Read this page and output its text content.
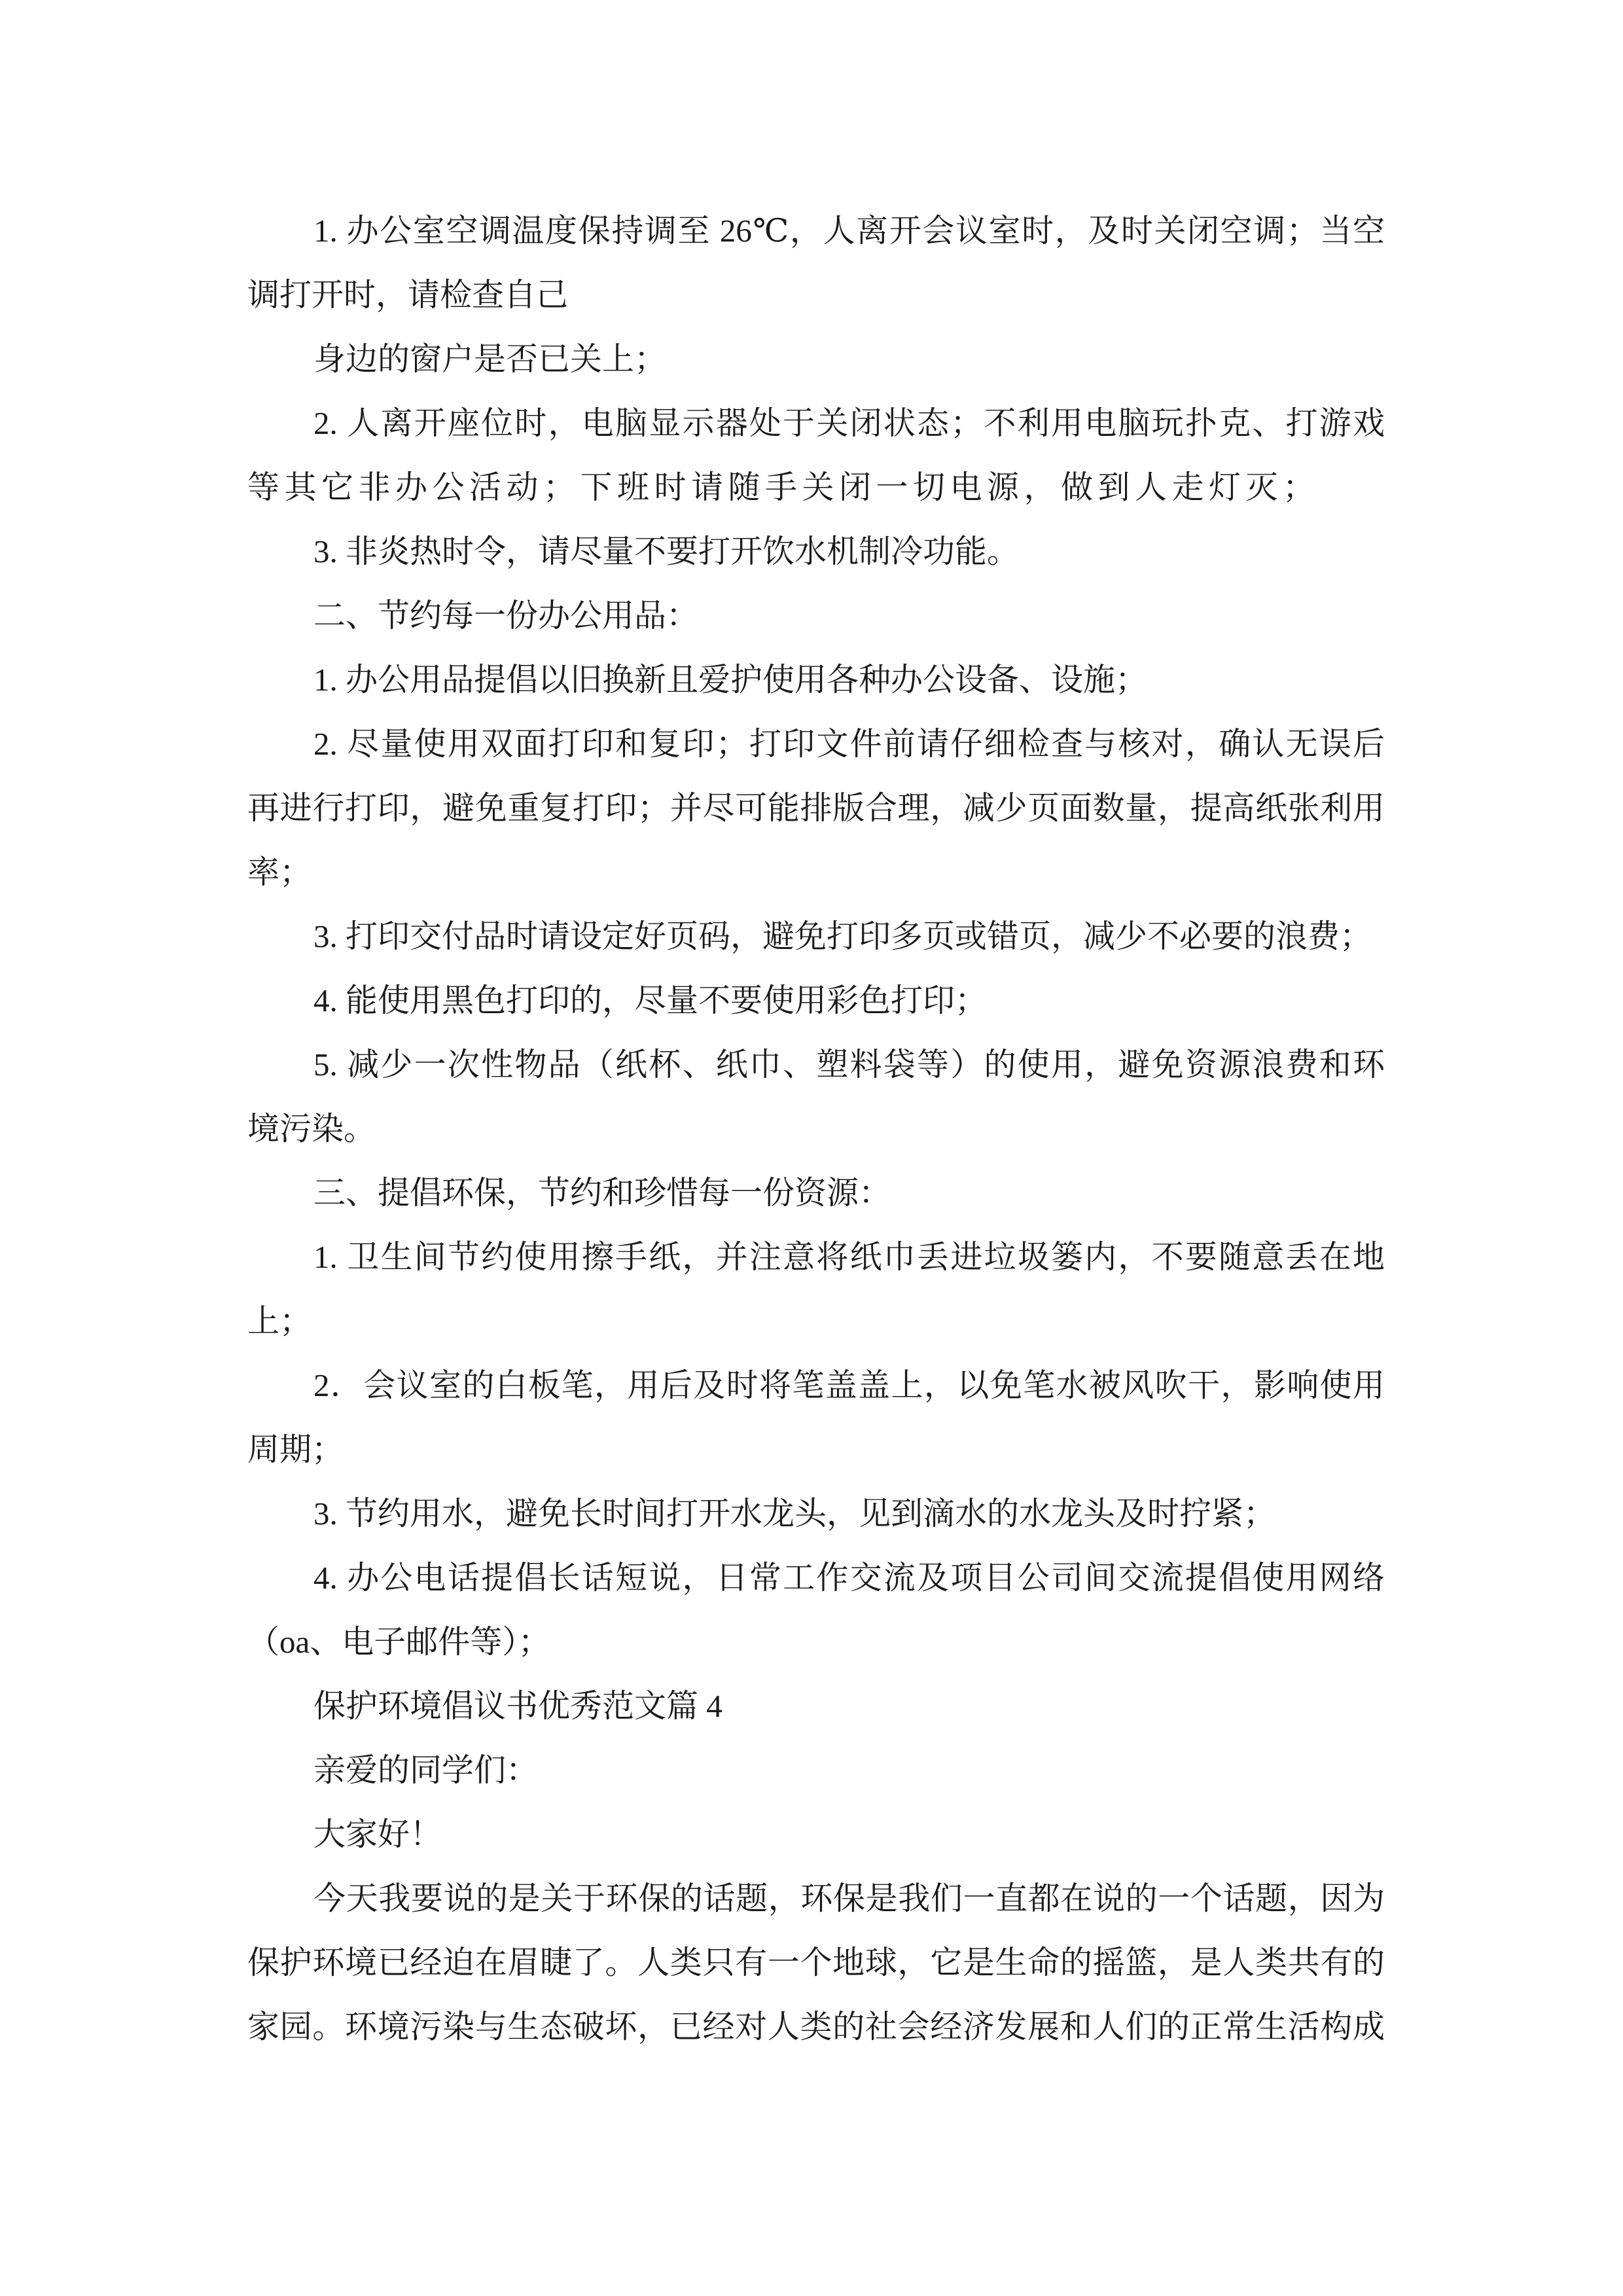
1. 办公室空调温度保持调至 26℃，人离开会议室时，及时关闭空调；当空
调打开时，请检查自己
身边的窗户是否已关上；
2. 人离开座位时，电脑显示器处于关闭状态；不利用电脑玩扑克、打游戏
等其它非办公活动；下班时请随手关闭一切电源，做到人走灯灭；
3. 非炎热时令，请尽量不要打开饮水机制冷功能。
二、节约每一份办公用品：
1. 办公用品提倡以旧换新且爱护使用各种办公设备、设施；
2. 尽量使用双面打印和复印；打印文件前请仔细检查与核对，确认无误后
再进行打印，避免重复打印；并尽可能排版合理，减少页面数量，提高纸张利用
率；
3. 打印交付品时请设定好页码，避免打印多页或错页，减少不必要的浪费；
4. 能使用黑色打印的，尽量不要使用彩色打印；
5. 减少一次性物品（纸杯、纸巾、塑料袋等）的使用，避免资源浪费和环
境污染。
三、提倡环保，节约和珍惜每一份资源：
1. 卫生间节约使用擦手纸，并注意将纸巾丢进垃圾篓内，不要随意丢在地
上；
2．会议室的白板笔，用后及时将笔盖盖上，以免笔水被风吹干，影响使用
周期；
3. 节约用水，避免长时间打开水龙头，见到滴水的水龙头及时拧紧；
4. 办公电话提倡长话短说，日常工作交流及项目公司间交流提倡使用网络
（oa、电子邮件等）；
保护环境倡议书优秀范文篇 4
亲爱的同学们：
大家好！
今天我要说的是关于环保的话题，环保是我们一直都在说的一个话题，因为
保护环境已经迫在眉睫了。人类只有一个地球，它是生命的摇篮，是人类共有的
家园。环境污染与生态破坏，已经对人类的社会经济发展和人们的正常生活构成
